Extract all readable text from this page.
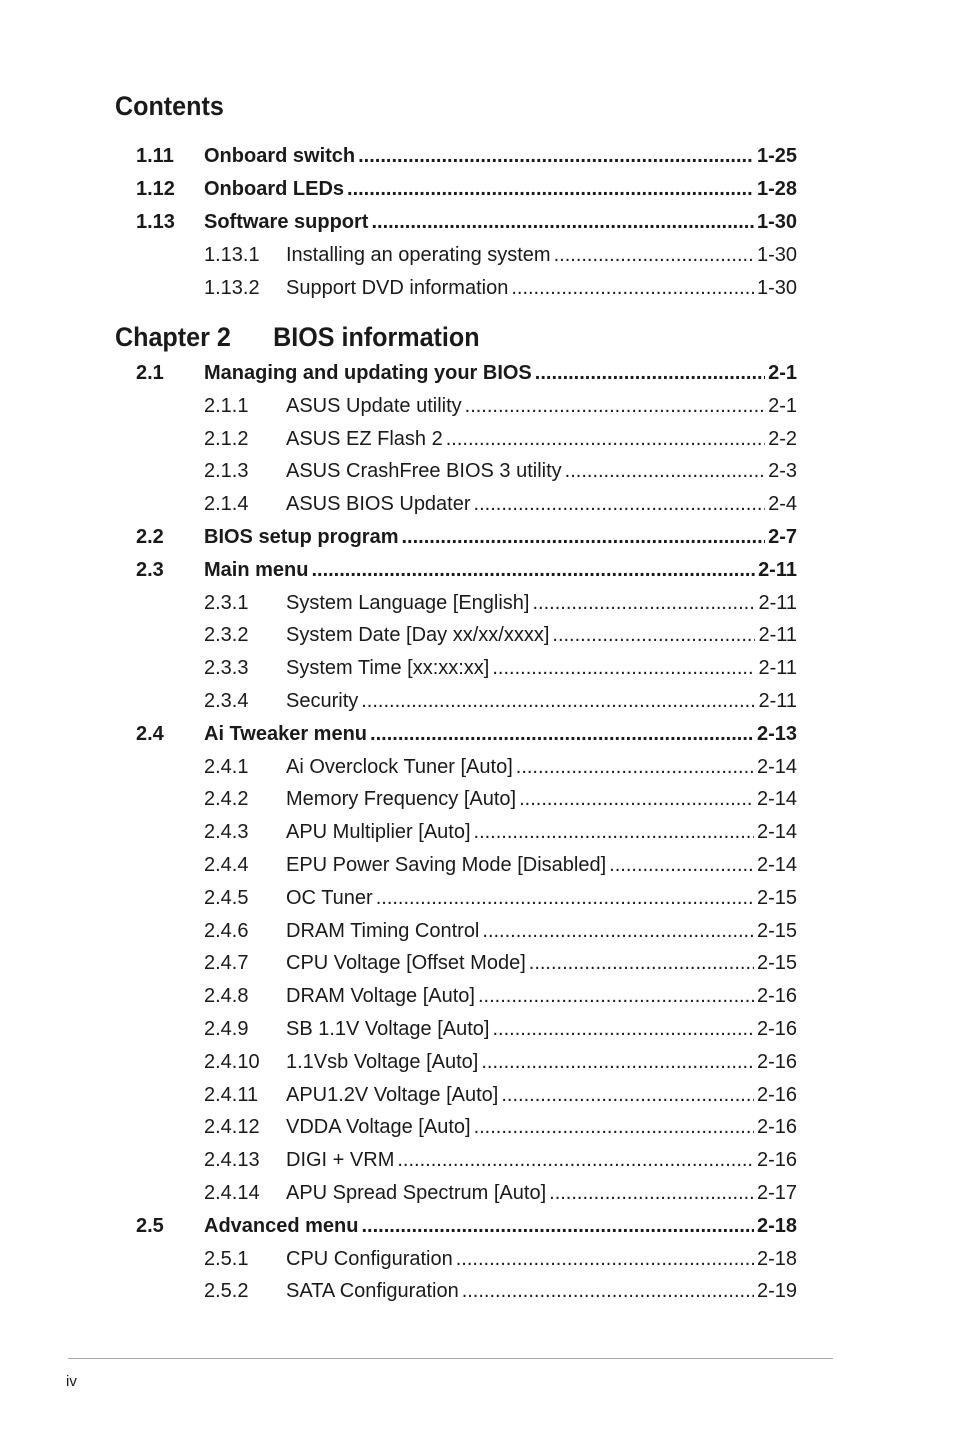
Contents
1.11	Onboard switch .....	1-25
1.12	Onboard LEDs .....	1-28
1.13	Software support .....	1-30
1.13.1	Installing an operating system .....	1-30
1.13.2	Support DVD information .....	1-30
Chapter 2 BIOS information
2.1	Managing and updating your BIOS .....	2-1
2.1.1	ASUS Update utility .....	2-1
2.1.2	ASUS EZ Flash 2 .....	2-2
2.1.3	ASUS CrashFree BIOS 3 utility .....	2-3
2.1.4	ASUS BIOS Updater .....	2-4
2.2	BIOS setup program .....	2-7
2.3	Main menu .....	2-11
2.3.1	System Language [English] .....	2-11
2.3.2	System Date [Day xx/xx/xxxx] .....	2-11
2.3.3	System Time [xx:xx:xx] .....	2-11
2.3.4	Security .....	2-11
2.4	Ai Tweaker menu .....	2-13
2.4.1	Ai Overclock Tuner [Auto] .....	2-14
2.4.2	Memory Frequency [Auto] .....	2-14
2.4.3	APU Multiplier [Auto] .....	2-14
2.4.4	EPU Power Saving Mode [Disabled] .....	2-14
2.4.5	OC Tuner .....	2-15
2.4.6	DRAM Timing Control .....	2-15
2.4.7	CPU Voltage [Offset Mode] .....	2-15
2.4.8	DRAM Voltage [Auto] .....	2-16
2.4.9	SB 1.1V Voltage [Auto] .....	2-16
2.4.10	1.1Vsb Voltage [Auto] .....	2-16
2.4.11	APU1.2V Voltage [Auto] .....	2-16
2.4.12	VDDA Voltage [Auto] .....	2-16
2.4.13	DIGI + VRM .....	2-16
2.4.14	APU Spread Spectrum [Auto] .....	2-17
2.5	Advanced menu .....	2-18
2.5.1	CPU Configuration .....	2-18
2.5.2	SATA Configuration .....	2-19
iv
